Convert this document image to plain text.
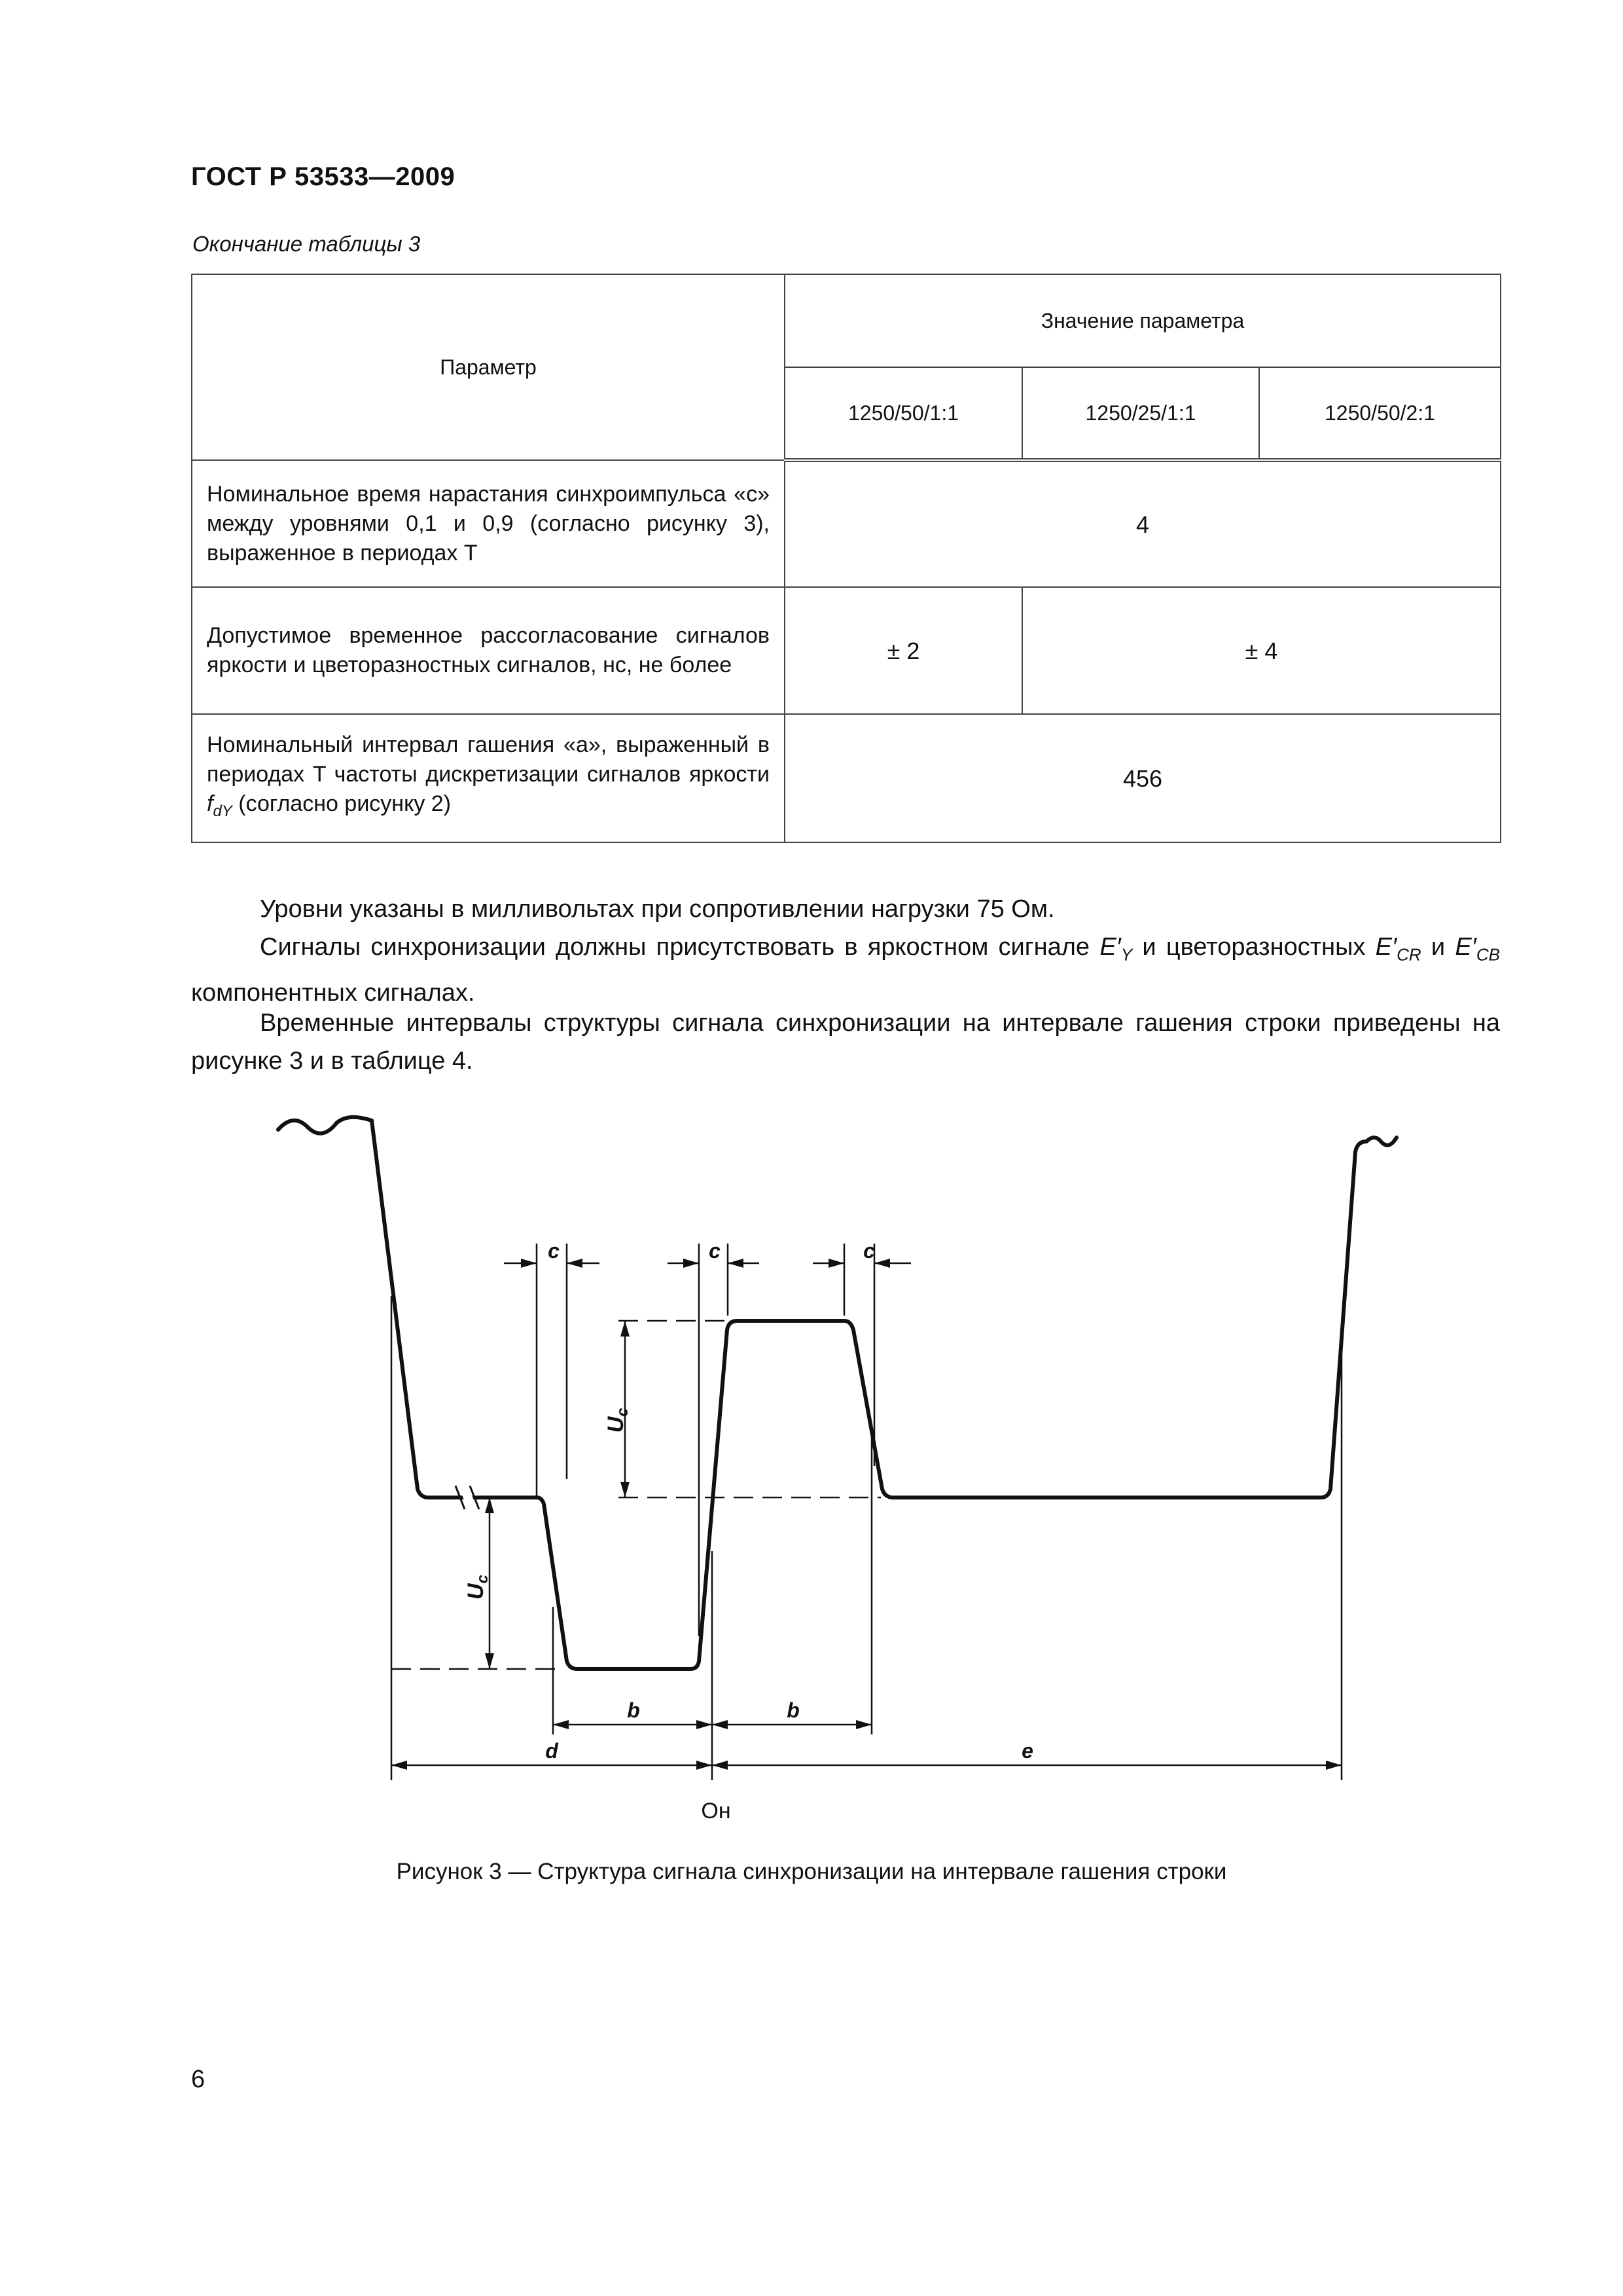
ГОСТ Р 53533—2009
Окончание таблицы 3
Параметр	Значение параметра		
	1250/50/1:1	1250/25/1:1	1250/50/2:1
Номинальное время нарастания синхроимпульса «с» между уровнями 0,1 и 0,9 (согласно рисунку 3), выраженное в периодах Т	4		
Допустимое временное рассогласование сигналов яркости и цветоразностных сигналов, нс, не более	± 2	± 4	
Номинальный интервал гашения «a», выраженный в периодах T частоты дискретизации сигналов яркости $f_{dY}$ (согласно рисунку 2)	456		
Уровни указаны в милливольтах при сопротивлении нагрузки 75 Ом.
Сигналы синхронизации должны присутствовать в яркостном сигнале $E'_Y$ и цветоразностных $E'_{CR}$ и $E'_{CB}$ компонентных сигналах.
Временные интервалы структуры сигнала синхронизации на интервале гашения строки приведены на рисунке 3 и в таблице 4.
c	c	c
b	b
d	e
$U_c$
$U_c$
Он
Рисунок 3 — Структура сигнала синхронизации на интервале гашения строки
6
